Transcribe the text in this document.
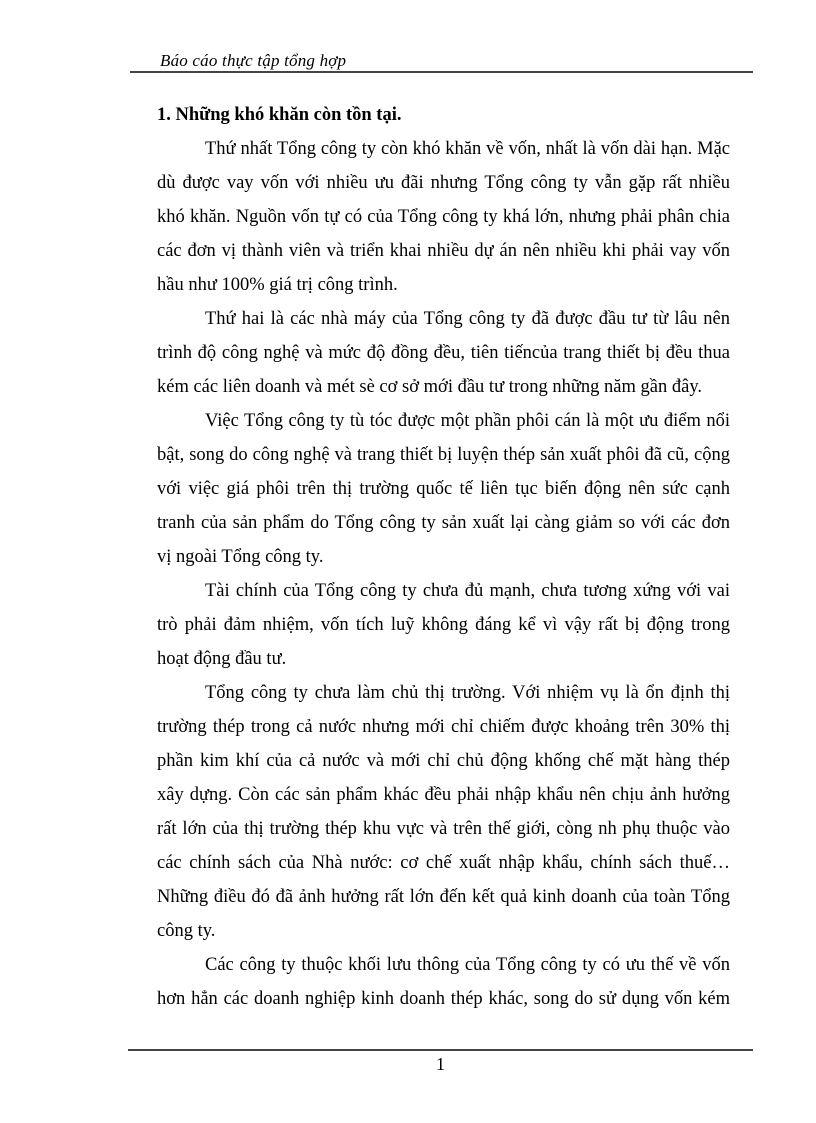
Báo cáo thực tập tổng hợp
1. Những khó khăn còn tồn tại.
Thứ nhất Tổng công ty còn khó khăn về vốn, nhất là vốn dài hạn. Mặc
dù được vay vốn với nhiều ưu đãi nhưng Tổng công ty vẫn gặp rất nhiều
khó khăn. Nguồn vốn tự có của Tổng công ty khá lớn, nhưng phải phân chia
các đơn vị thành viên và triển khai nhiều dự án nên nhiều khi phải vay vốn
hầu như 100% giá trị công trình.
Thứ hai là các nhà máy của Tổng công ty đã được đầu tư từ lâu nên
trình độ công nghệ và mức độ đồng đều, tiên tiếncủa trang thiết bị đều thua
kém các liên doanh và mét sè cơ sở mới đầu tư trong những năm gần đây.
Việc Tổng công ty tù tóc được một phần phôi cán là một ưu điểm nổi
bật, song do công nghệ và trang thiết bị luyện thép sản xuất phôi đã cũ, cộng
với việc giá phôi trên thị trường quốc tế liên tục biến động nên sức cạnh
tranh của sản phẩm do Tổng công ty sản xuất lại càng giảm so với các đơn
vị ngoài Tổng công ty.
Tài chính của Tổng công ty chưa đủ mạnh, chưa tương xứng với vai
trò phải đảm nhiệm, vốn tích luỹ không đáng kể vì vậy rất bị động trong
hoạt động đầu tư.
Tổng công ty chưa làm chủ thị trường. Với nhiệm vụ là ổn định thị
trường thép trong cả nước nhưng mới chỉ chiếm được khoảng trên 30% thị
phần kim khí của cả nước và mới chỉ chủ động khống chế mặt hàng thép
xây dựng. Còn các sản phẩm khác đều phải nhập khẩu nên chịu ảnh hưởng
rất lớn của thị trường thép khu vực và trên thế giới, còng nh phụ thuộc vào
các chính sách của Nhà nước: cơ chế xuất nhập khẩu, chính sách thuế…
Những điều đó đã ảnh hưởng rất lớn đến kết quả kinh doanh của toàn Tổng
công ty.
Các công ty thuộc khối lưu thông của Tổng công ty có ưu thế về vốn
hơn hẳn các doanh nghiệp kinh doanh thép khác, song do sử dụng vốn kém
1
